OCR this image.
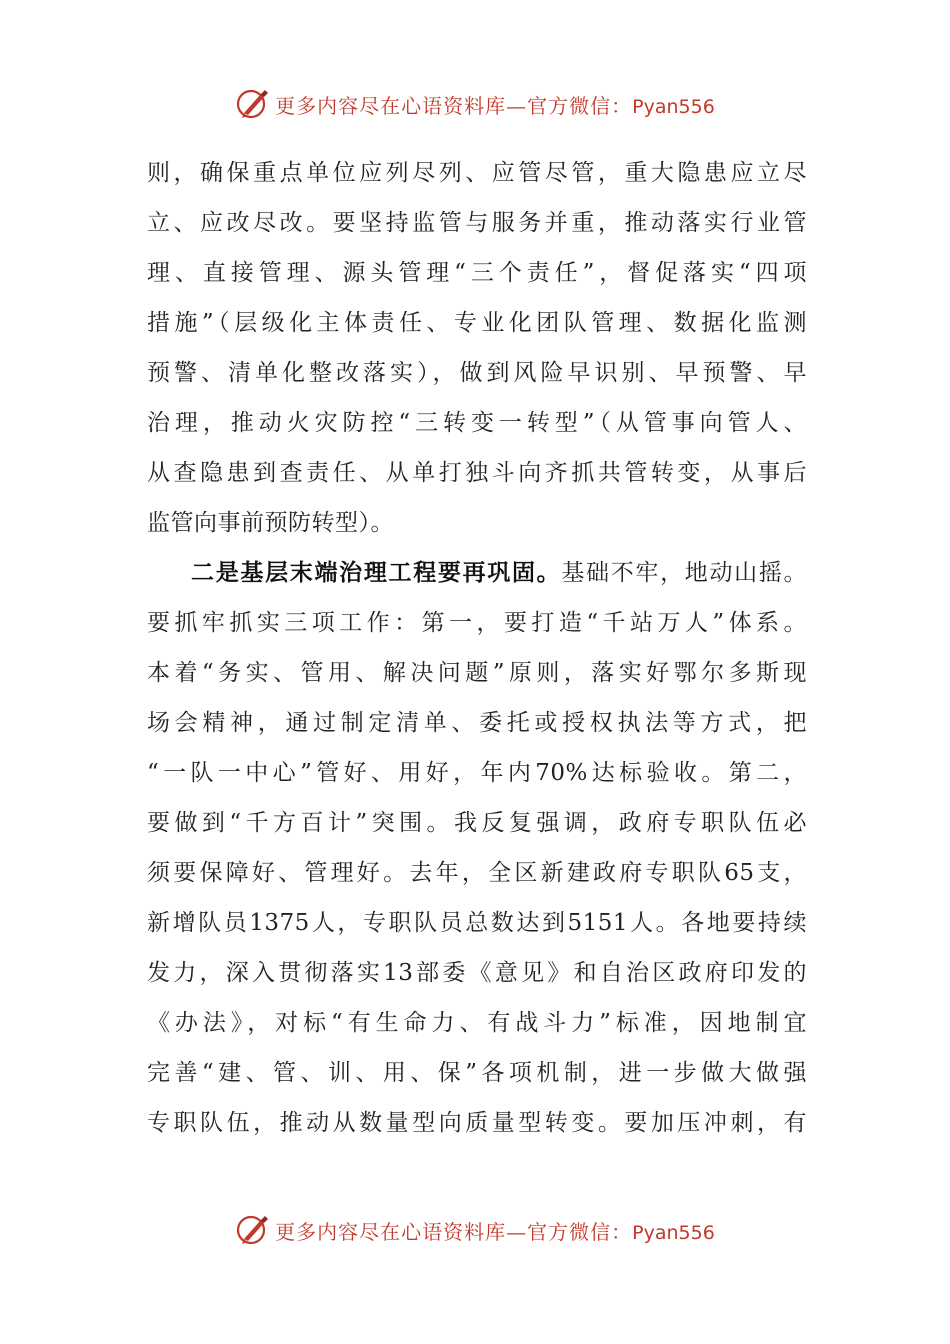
更多内容尽在心语资料库—官方微信：Pyan556
则，确保重点单位应列尽列、应管尽管，重大隐患应立尽
立、应改尽改。要坚持监管与服务并重，推动落实行业管
理、直接管理、源头管理“三个责任”，督促落实“四项
措施”（层级化主体责任、专业化团队管理、数据化监测
预警、清单化整改落实），做到风险早识别、早预警、早
治理，推动火灾防控“三转变一转型”（从管事向管人、
从查隐患到查责任、从单打独斗向齐抓共管转变，从事后
监管向事前预防转型）。
二是基层末端治理工程要再巩固。基础不牢，地动山摇。
要抓牢抓实三项工作：第一，要打造“千站万人”体系。
本着“务实、管用、解决问题”原则，落实好鄂尔多斯现
场会精神，通过制定清单、委托或授权执法等方式，把
“一队一中心”管好、用好，年内70%达标验收。第二，
要做到“千方百计”突围。我反复强调，政府专职队伍必
须要保障好、管理好。去年，全区新建政府专职队65支，
新增队员1375人，专职队员总数达到5151人。各地要持续
发力，深入贯彻落实13部委《意见》和自治区政府印发的
《办法》，对标“有生命力、有战斗力”标准，因地制宜
完善“建、管、训、用、保”各项机制，进一步做大做强
专职队伍，推动从数量型向质量型转变。要加压冲刺，有
更多内容尽在心语资料库—官方微信：Pyan556
